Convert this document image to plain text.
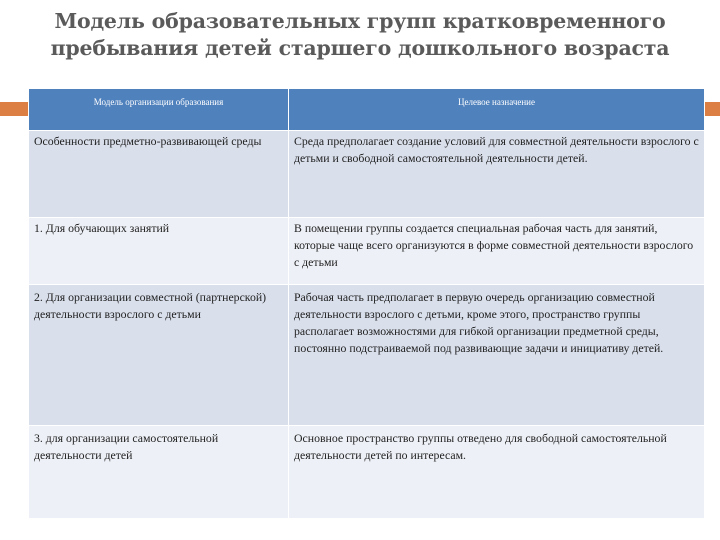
Модель образовательных групп кратковременного
пребывания детей старшего дошкольного возраста
Модель организации образования	Целевое назначение
Особенности предметно-развивающей среды	Среда предполагает создание условий для совместной деятельности взрослого с детьми и свободной самостоятельной деятельности детей.
1. Для обучающих занятий	В помещении группы создается специальная рабочая часть для занятий, которые чаще всего организуются в форме совместной деятельности взрослого с детьми
2. Для организации совместной (партнерской) деятельности взрослого с детьми	Рабочая часть предполагает в первую очередь организацию совместной деятельности взрослого с детьми, кроме этого, пространство группы располагает возможностями для гибкой организации предметной среды, постоянно подстраиваемой под развивающие задачи и инициативу детей.
3. для организации самостоятельной деятельности детей	Основное пространство группы отведено для свободной самостоятельной деятельности детей по интересам.
